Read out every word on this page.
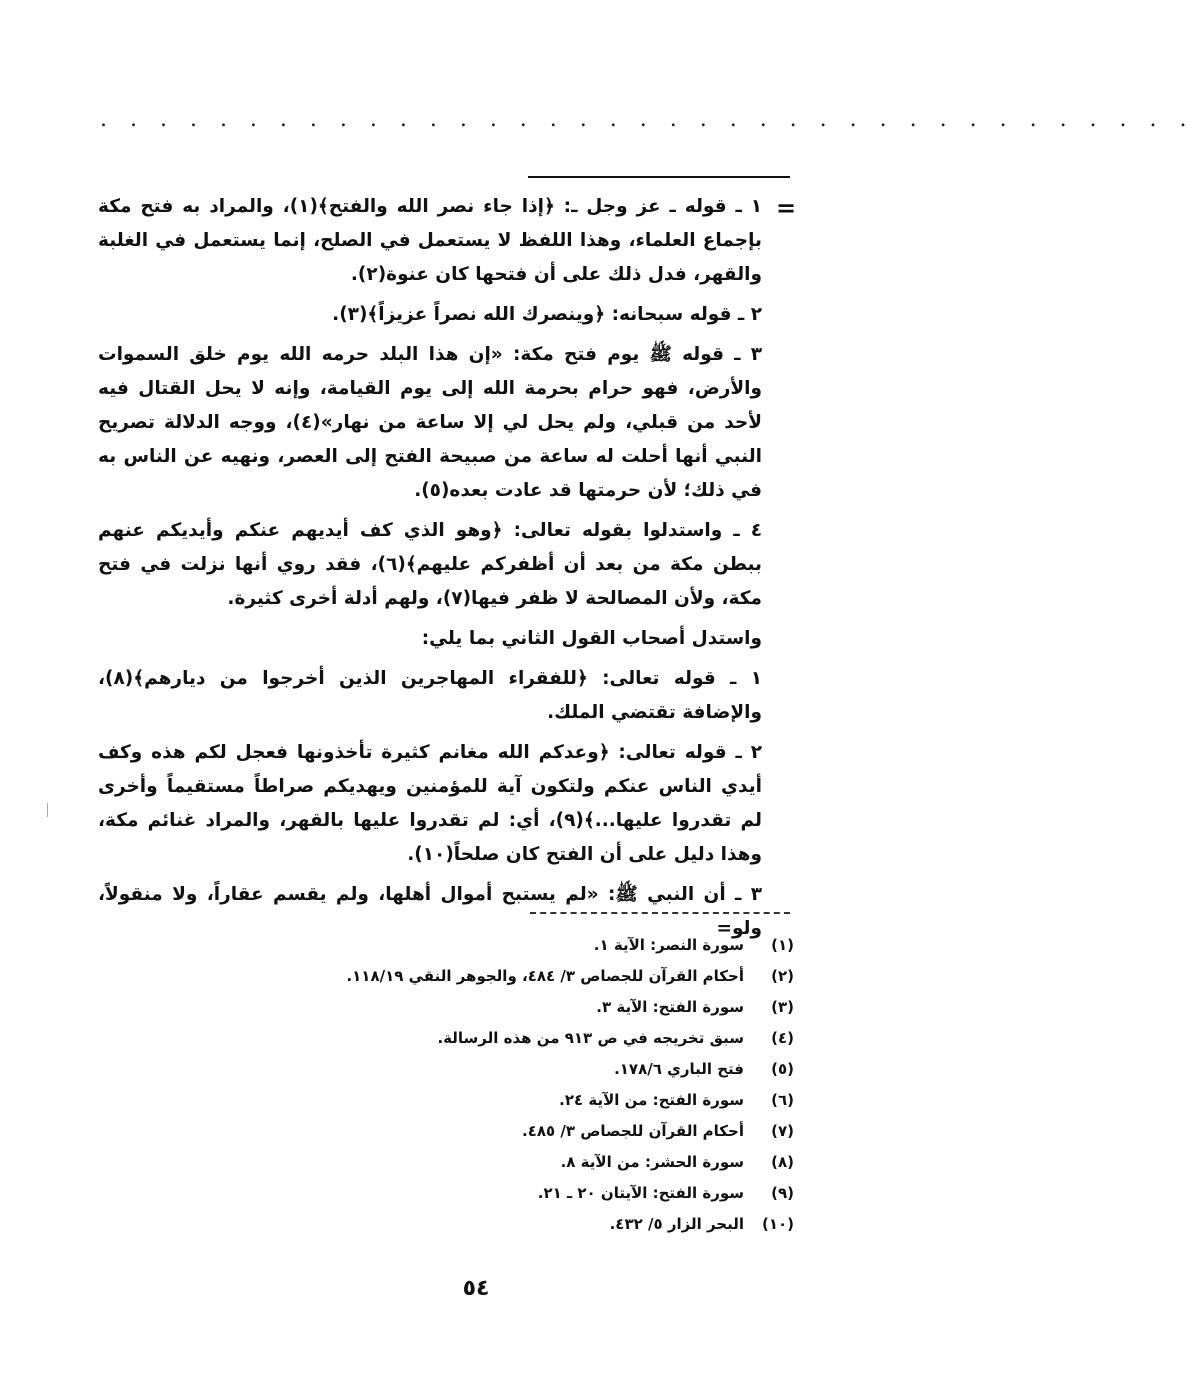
. . . . . . . . . . . . . . . . . . . . . . . . . . . . . . . . . . . . .
=

١ ـ قوله ـ عز وجل ـ: ﴿إذا جاء نصر الله والفتح﴾(١)، والمراد به فتح مكة بإجماع العلماء، وهذا اللفظ لا يستعمل في الصلح، إنما يستعمل في الغلبة والقهر، فدل ذلك على أن فتحها كان عنوة(٢).

٢ ـ قوله سبحانه: ﴿وينصرك الله نصراً عزيزاً﴾(٣).

٣ ـ قوله ﷺ يوم فتح مكة: «إن هذا البلد حرمه الله يوم خلق السموات والأرض، فهو حرام بحرمة الله إلى يوم القيامة، وإنه لا يحل القتال فيه لأحد من قبلي، ولم يحل لي إلا ساعة من نهار»(٤)، ووجه الدلالة تصريح النبي أنها أحلت له ساعة من صبيحة الفتح إلى العصر، ونهيه عن الناس به في ذلك؛ لأن حرمتها قد عادت بعده(٥).

٤ ـ واستدلوا بقوله تعالى: ﴿وهو الذي كف أيديهم عنكم وأيديكم عنهم ببطن مكة من بعد أن أظفركم عليهم﴾(٦)، فقد روي أنها نزلت في فتح مكة، ولأن المصالحة لا ظفر فيها(٧)، ولهم أدلة أخرى كثيرة.

واستدل أصحاب القول الثاني بما يلي:

١ ـ قوله تعالى: ﴿للفقراء المهاجرين الذين أخرجوا من ديارهم﴾(٨)، والإضافة تقتضي الملك.

٢ ـ قوله تعالى: ﴿وعدكم الله مغانم كثيرة تأخذونها فعجل لكم هذه وكف أيدي الناس عنكم ولتكون آية للمؤمنين ويهديكم صراطاً مستقيماً وأخرى لم تقدروا عليها...﴾(٩)، أي: لم تقدروا عليها بالقهر، والمراد غنائم مكة، وهذا دليل على أن الفتح كان صلحاً(١٠).

٣ ـ أن النبي ﷺ: «لم يستبح أموال أهلها، ولم يقسم عقاراً، ولا منقولاً، ولو=

(١)سورة النصر: الآية ١.
(٢)أحكام القرآن للجصاص ٣/ ٤٨٤، والجوهر النقي ١١٨/١٩.
(٣)سورة الفتح: الآية ٣.
(٤)سبق تخريجه في ص ٩١٣ من هذه الرسالة.
(٥)فتح الباري ١٧٨/٦.
(٦)سورة الفتح: من الآية ٢٤.
(٧)أحكام القرآن للجصاص ٣/ ٤٨٥.
(٨)سورة الحشر: من الآية ٨.
(٩)سورة الفتح: الآيتان ٢٠ ـ ٢١.
(١٠)البحر الزار ٥/ ٤٣٢.
٥٤
